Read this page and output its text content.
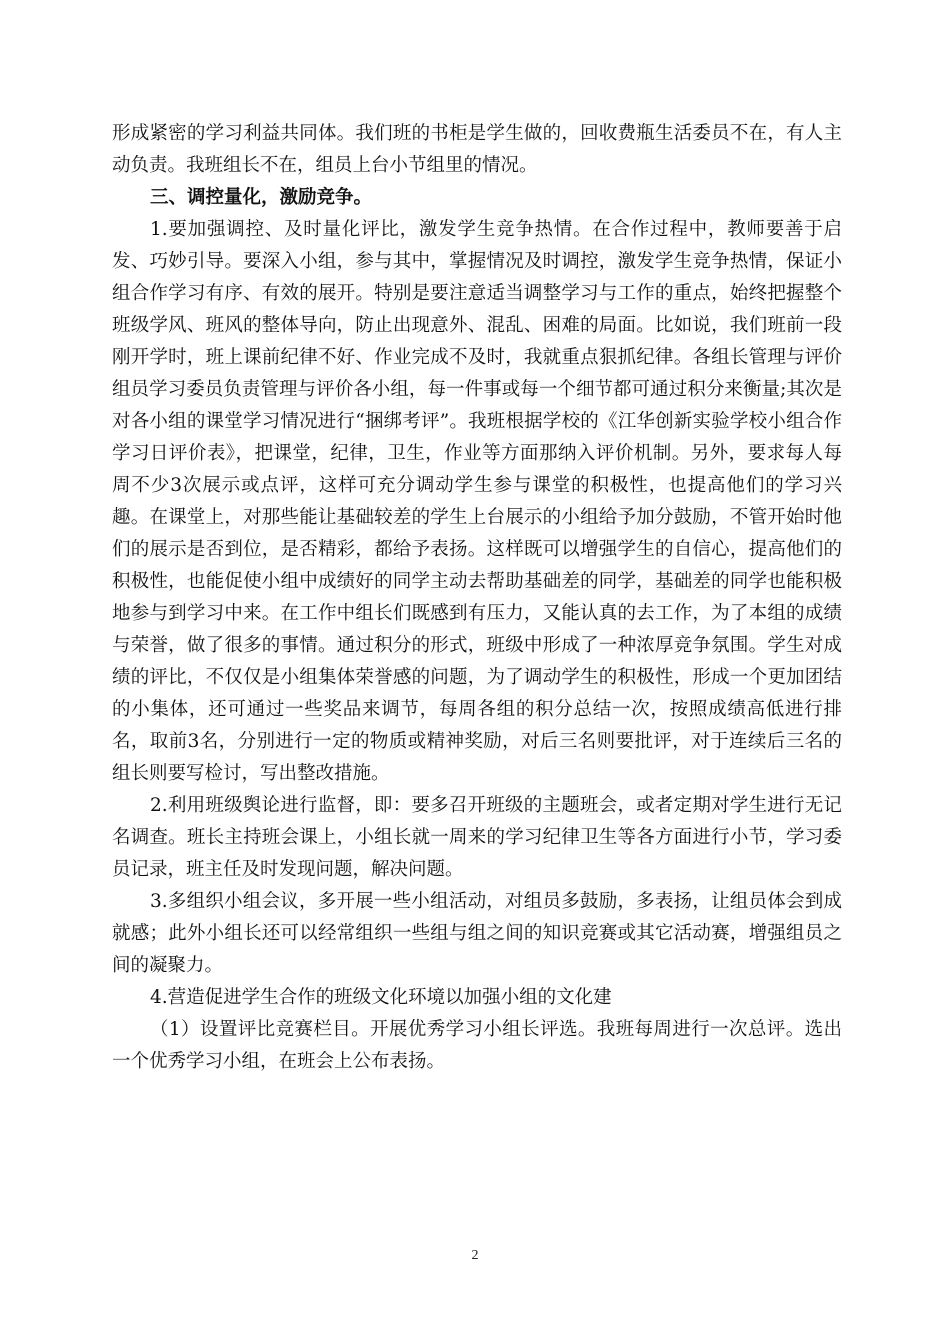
形成紧密的学习利益共同体。我们班的书柜是学生做的，回收费瓶生活委员不在，有人主动负责。我班组长不在，组员上台小节组里的情况。

三、调控量化，激励竞争。

1.要加强调控、及时量化评比，激发学生竞争热情。在合作过程中，教师要善于启发、巧妙引导。要深入小组，参与其中，掌握情况及时调控，激发学生竞争热情，保证小组合作学习有序、有效的展开。特别是要注意适当调整学习与工作的重点，始终把握整个班级学风、班风的整体导向，防止出现意外、混乱、困难的局面。比如说，我们班前一段刚开学时，班上课前纪律不好、作业完成不及时，我就重点狠抓纪律。各组长管理与评价组员学习委员负责管理与评价各小组，每一件事或每一个细节都可通过积分来衡量;其次是对各小组的课堂学习情况进行“捆绑考评”。我班根据学校的《江华创新实验学校小组合作学习日评价表》，把课堂，纪律，卫生，作业等方面那纳入评价机制。另外，要求每人每周不少3次展示或点评，这样可充分调动学生参与课堂的积极性，也提高他们的学习兴趣。在课堂上，对那些能让基础较差的学生上台展示的小组给予加分鼓励，不管开始时他们的展示是否到位，是否精彩，都给予表扬。这样既可以增强学生的自信心，提高他们的积极性，也能促使小组中成绩好的同学主动去帮助基础差的同学，基础差的同学也能积极地参与到学习中来。在工作中组长们既感到有压力，又能认真的去工作，为了本组的成绩与荣誉，做了很多的事情。通过积分的形式，班级中形成了一种浓厚竞争氛围。学生对成绩的评比，不仅仅是小组集体荣誉感的问题，为了调动学生的积极性，形成一个更加团结的小集体，还可通过一些奖品来调节，每周各组的积分总结一次，按照成绩高低进行排名，取前3名，分别进行一定的物质或精神奖励，对后三名则要批评，对于连续后三名的组长则要写检讨，写出整改措施。

2.利用班级舆论进行监督，即：要多召开班级的主题班会，或者定期对学生进行无记名调查。班长主持班会课上，小组长就一周来的学习纪律卫生等各方面进行小节，学习委员记录，班主任及时发现问题，解决问题。

3.多组织小组会议，多开展一些小组活动，对组员多鼓励，多表扬，让组员体会到成就感；此外小组长还可以经常组织一些组与组之间的知识竞赛或其它活动赛，增强组员之间的凝聚力。

4.营造促进学生合作的班级文化环境以加强小组的文化建

（1）设置评比竞赛栏目。开展优秀学习小组长评选。我班每周进行一次总评。选出一个优秀学习小组，在班会上公布表扬。

2
